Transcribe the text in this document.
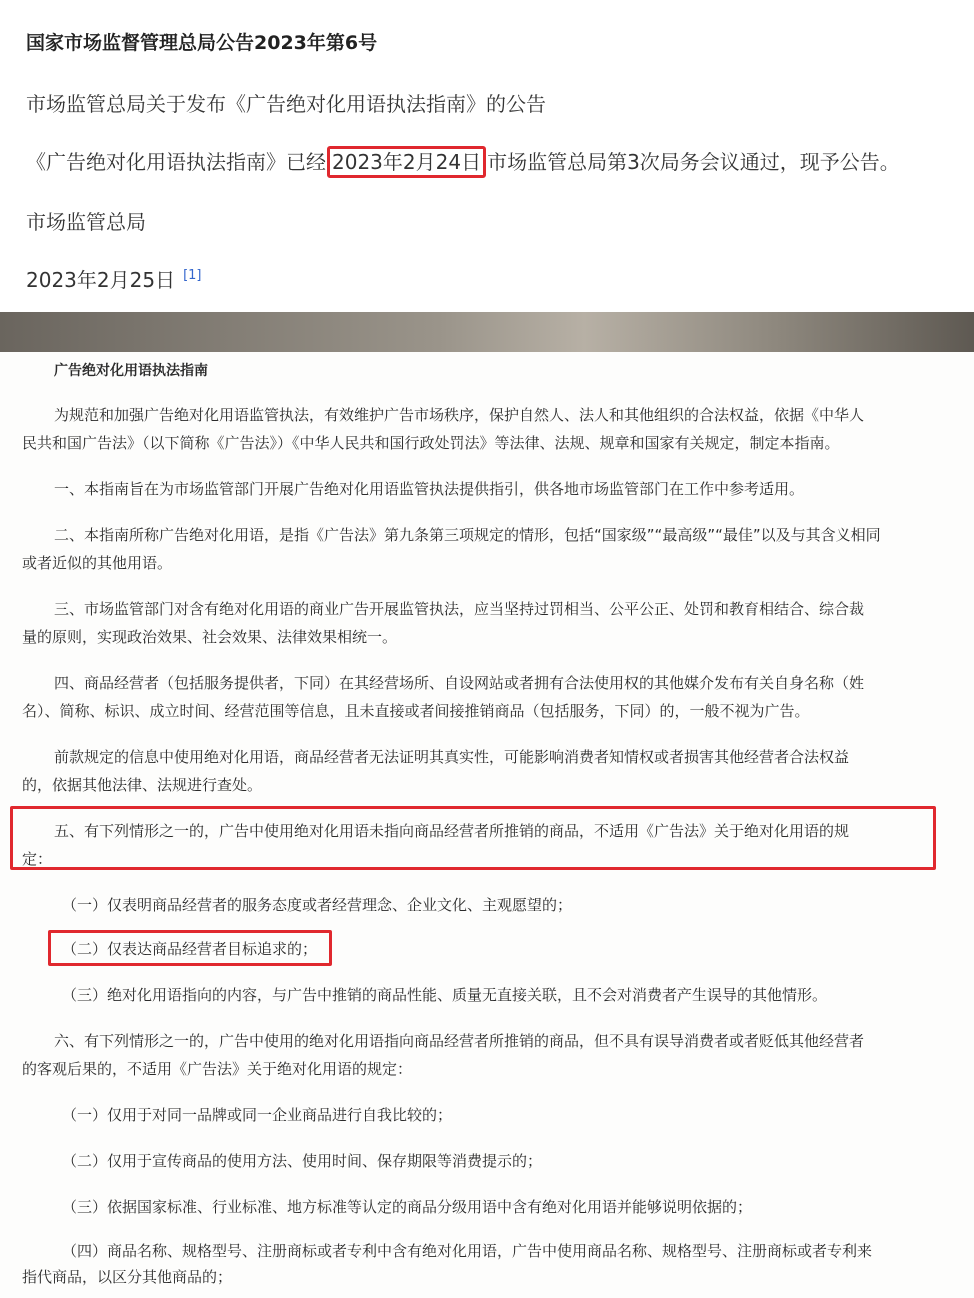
国家市场监督管理总局公告2023年第6号
市场监管总局关于发布《广告绝对化用语执法指南》的公告
《广告绝对化用语执法指南》已经 2023年2月24日 市场监管总局第3次局务会议通过，现予公告。
市场监管总局
2023年2月25日 [1]
广告绝对化用语执法指南
为规范和加强广告绝对化用语监管执法，有效维护广告市场秩序，保护自然人、法人和其他组织的合法权益，依据《中华人
民共和国广告法》（以下简称《广告法》）《中华人民共和国行政处罚法》等法律、法规、规章和国家有关规定，制定本指南。
一、本指南旨在为市场监管部门开展广告绝对化用语监管执法提供指引，供各地市场监管部门在工作中参考适用。
二、本指南所称广告绝对化用语，是指《广告法》第九条第三项规定的情形，包括“国家级”“最高级”“最佳”以及与其含义相同
或者近似的其他用语。
三、市场监管部门对含有绝对化用语的商业广告开展监管执法，应当坚持过罚相当、公平公正、处罚和教育相结合、综合裁
量的原则，实现政治效果、社会效果、法律效果相统一。
四、商品经营者（包括服务提供者，下同）在其经营场所、自设网站或者拥有合法使用权的其他媒介发布有关自身名称（姓
名）、简称、标识、成立时间、经营范围等信息，且未直接或者间接推销商品（包括服务，下同）的，一般不视为广告。
前款规定的信息中使用绝对化用语，商品经营者无法证明其真实性，可能影响消费者知情权或者损害其他经营者合法权益
的，依据其他法律、法规进行查处。
五、有下列情形之一的，广告中使用绝对化用语未指向商品经营者所推销的商品，不适用《广告法》关于绝对化用语的规
定：
（一）仅表明商品经营者的服务态度或者经营理念、企业文化、主观愿望的；
（二）仅表达商品经营者目标追求的；
（三）绝对化用语指向的内容，与广告中推销的商品性能、质量无直接关联，且不会对消费者产生误导的其他情形。
六、有下列情形之一的，广告中使用的绝对化用语指向商品经营者所推销的商品，但不具有误导消费者或者贬低其他经营者
的客观后果的，不适用《广告法》关于绝对化用语的规定：
（一）仅用于对同一品牌或同一企业商品进行自我比较的；
（二）仅用于宣传商品的使用方法、使用时间、保存期限等消费提示的；
（三）依据国家标准、行业标准、地方标准等认定的商品分级用语中含有绝对化用语并能够说明依据的；
（四）商品名称、规格型号、注册商标或者专利中含有绝对化用语，广告中使用商品名称、规格型号、注册商标或者专利来
指代商品，以区分其他商品的；
